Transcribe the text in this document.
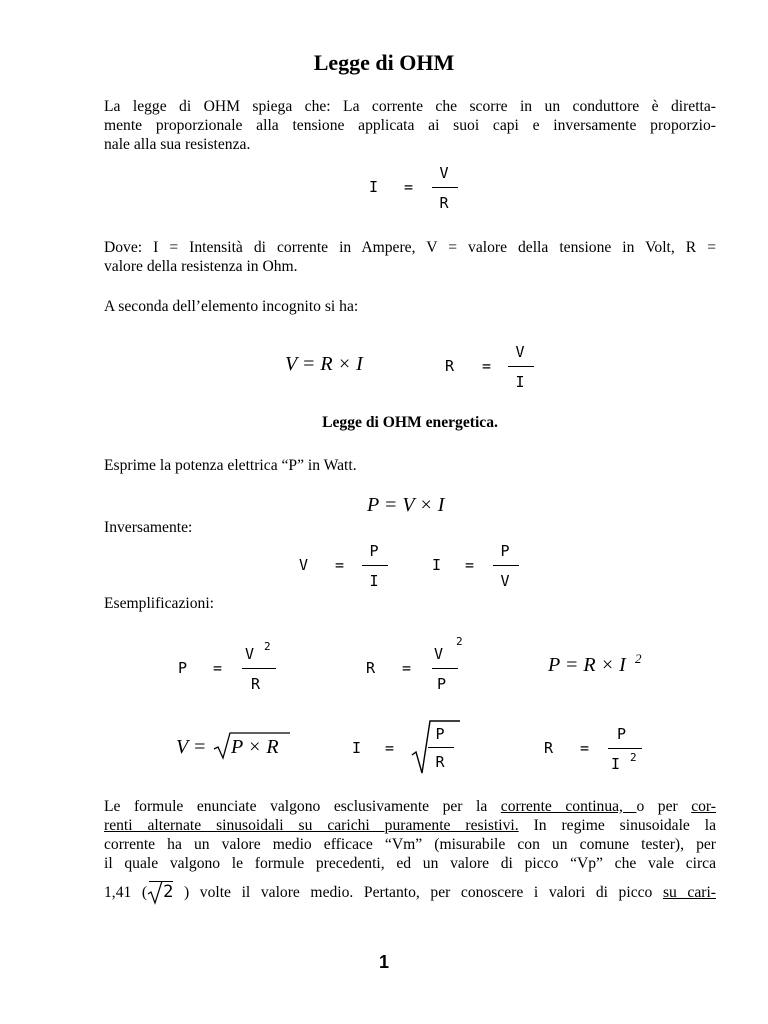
Legge di OHM
La legge di OHM spiega che: La corrente che scorre in un conduttore è diretta-
mente proporzionale alla tensione applicata ai suoi capi e inversamente proporzio-
nale alla sua resistenza.
I =
V
R
Dove: I = Intensità di corrente in Ampere, V = valore della tensione in Volt, R =
valore della resistenza in Ohm.
A seconda dell’elemento incognito si ha:
V = R × I	R =
V
I
Legge di OHM energetica.
Esprime la potenza elettrica “P” in Watt.
P = V × I
Inversamente:
V =
P
I
I =
P
V
Esemplificazioni:
P =
V 2
R
R =
V
2
P
P = R × I 2
V = P × R	I =
P
R
R =
P
I 2
Le formule enunciate valgono esclusivamente per la corrente continua, o per cor-
renti alternate sinusoidali su carichi puramente resistivi. In regime sinusoidale la
corrente ha un valore medio efficace “Vm” (misurabile con un comune tester), per
il quale valgono le formule precedenti, ed un valore di picco “Vp” che vale circa
1,41 ( 2 ) volte il valore medio. Pertanto, per conoscere i valori di picco su cari-
1
